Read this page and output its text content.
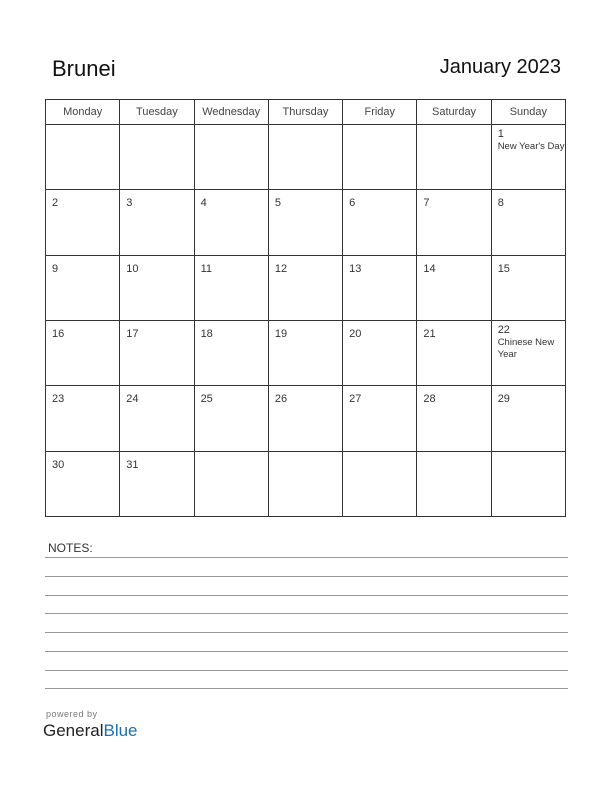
Brunei	January 2023
Monday	Tuesday	Wednesday	Thursday	Friday	Saturday	Sunday

						1
New Year's Day

2	3	4	5	6	7	8

9	10	11	12	13	14	15

16	17	18	19	20	21	22
Chinese New Year

23	24	25	26	27	28	29

30	31					

NOTES:
powered by
GeneralBlue
